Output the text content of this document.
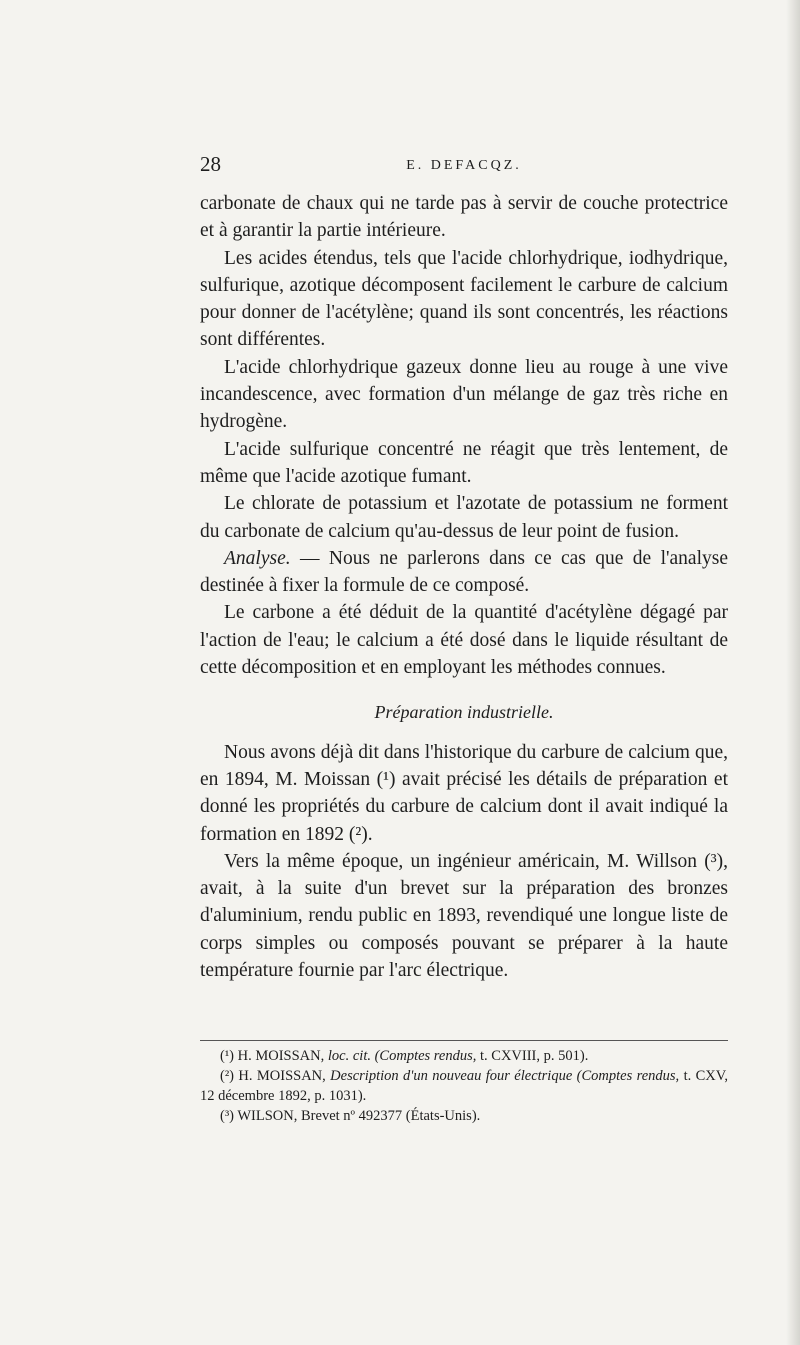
28	E. DEFACQZ.

carbonate de chaux qui ne tarde pas à servir de couche protectrice et à garantir la partie intérieure.

Les acides étendus, tels que l'acide chlorhydrique, iodhydrique, sulfurique, azotique décomposent facilement le carbure de calcium pour donner de l'acétylène; quand ils sont concentrés, les réactions sont différentes.

L'acide chlorhydrique gazeux donne lieu au rouge à une vive incandescence, avec formation d'un mélange de gaz très riche en hydrogène.

L'acide sulfurique concentré ne réagit que très lentement, de même que l'acide azotique fumant.

Le chlorate de potassium et l'azotate de potassium ne forment du carbonate de calcium qu'au-dessus de leur point de fusion.

Analyse. — Nous ne parlerons dans ce cas que de l'analyse destinée à fixer la formule de ce composé.

Le carbone a été déduit de la quantité d'acétylène dégagé par l'action de l'eau; le calcium a été dosé dans le liquide résultant de cette décomposition et en employant les méthodes connues.

Préparation industrielle.

Nous avons déjà dit dans l'historique du carbure de calcium que, en 1894, M. Moissan (¹) avait précisé les détails de préparation et donné les propriétés du carbure de calcium dont il avait indiqué la formation en 1892 (²).

Vers la même époque, un ingénieur américain, M. Willson (³), avait, à la suite d'un brevet sur la préparation des bronzes d'aluminium, rendu public en 1893, revendiqué une longue liste de corps simples ou composés pouvant se préparer à la haute température fournie par l'arc électrique.

(¹) H. MOISSAN, loc. cit. (Comptes rendus, t. CXVIII, p. 501).

(²) H. MOISSAN, Description d'un nouveau four électrique (Comptes rendus, t. CXV, 12 décembre 1892, p. 1031).

(³) WILSON, Brevet nº 492377 (États-Unis).
